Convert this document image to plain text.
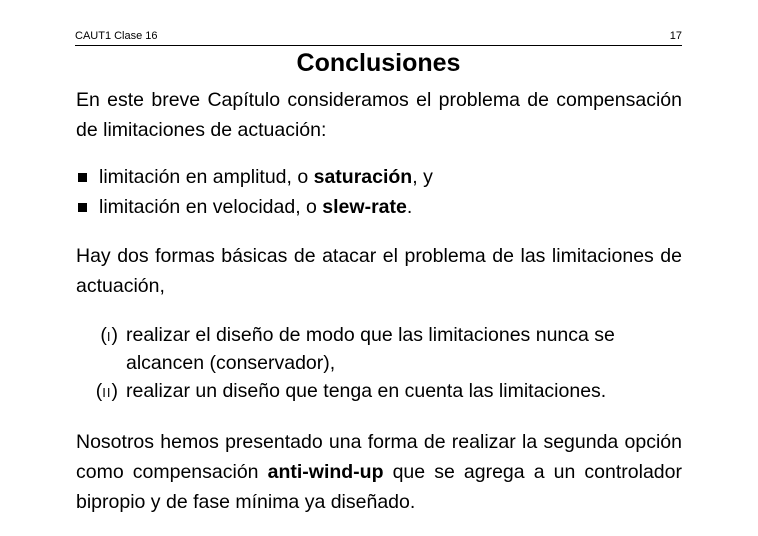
CAUT1 Clase 16	17
Conclusiones
En este breve Capítulo consideramos el problema de compensación de limitaciones de actuación:
limitación en amplitud, o saturación, y
limitación en velocidad, o slew-rate.
Hay dos formas básicas de atacar el problema de las limitaciones de actuación,
(I) realizar el diseño de modo que las limitaciones nunca se
alcancen (conservador),
(II) realizar un diseño que tenga en cuenta las limitaciones.
Nosotros hemos presentado una forma de realizar la segunda opción como compensación anti-wind-up que se agrega a un controlador bipropio y de fase mínima ya diseñado.
